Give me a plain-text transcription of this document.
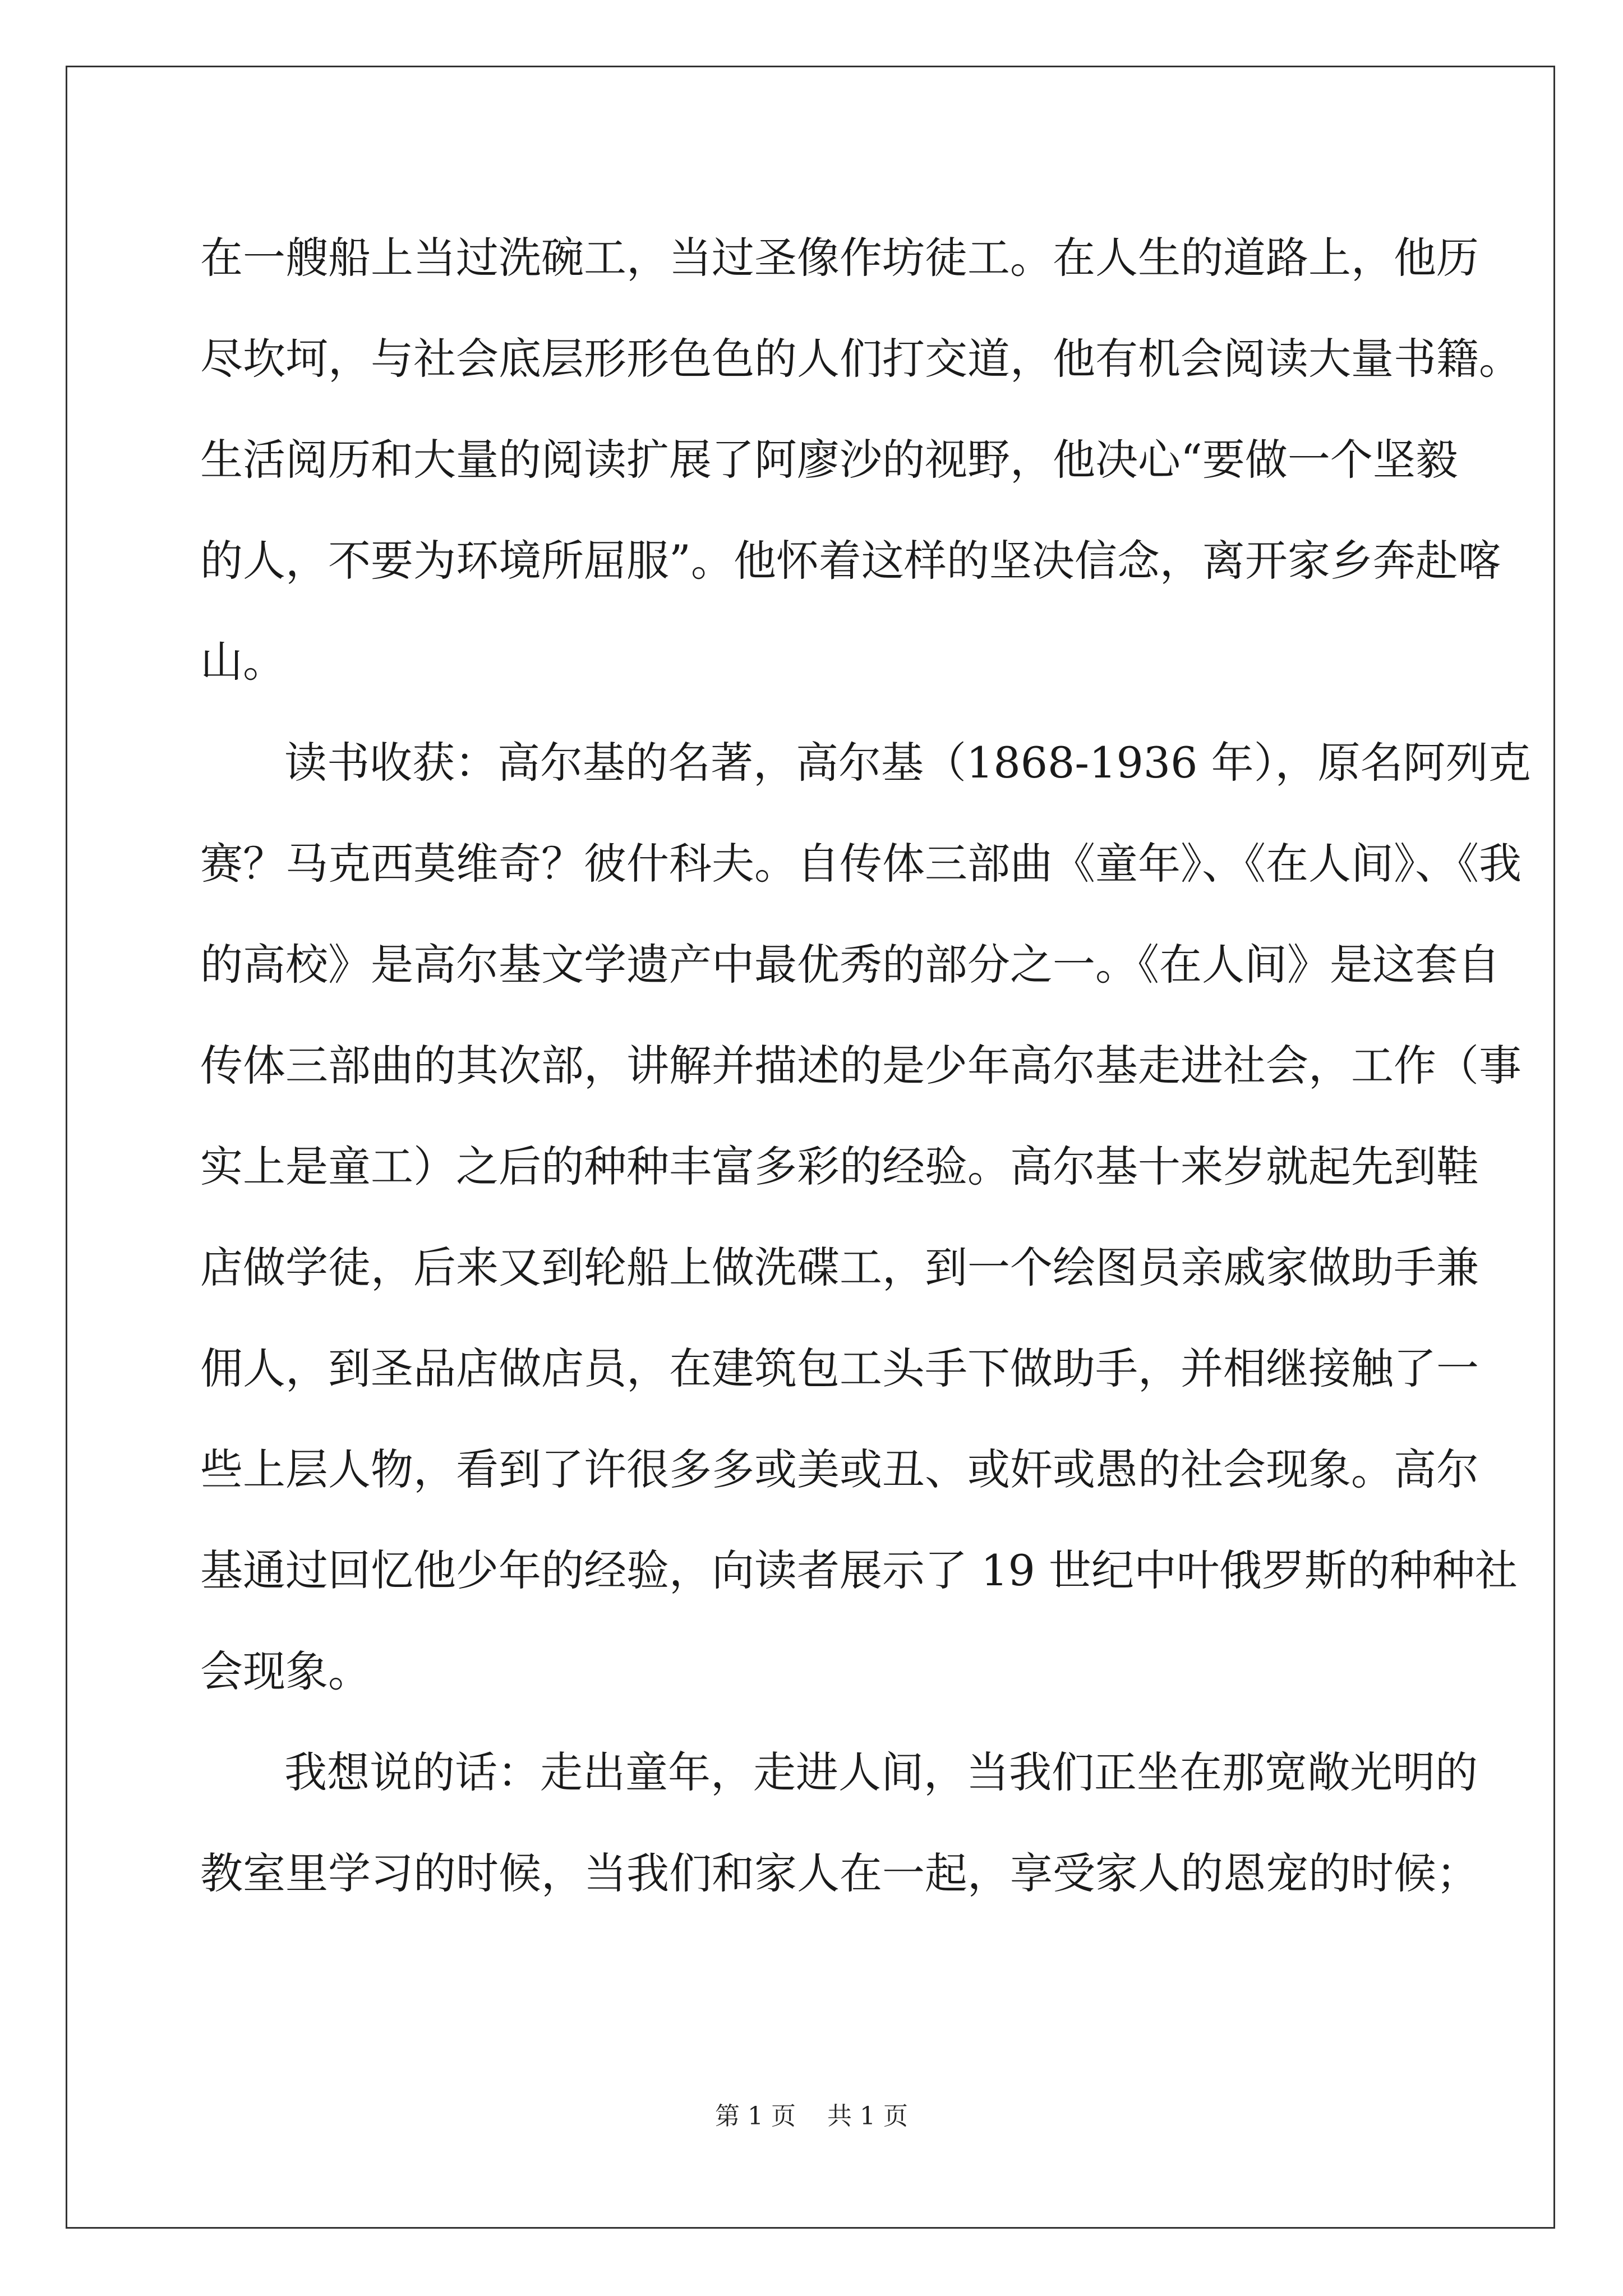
在一艘船上当过洗碗工，当过圣像作坊徒工。在人生的道路上，他历
尽坎坷，与社会底层形形色色的人们打交道，他有机会阅读大量书籍。
生活阅历和大量的阅读扩展了阿廖沙的视野，他决心“要做一个坚毅
的人，不要为环境所屈服”。他怀着这样的坚决信念，离开家乡奔赴喀
山。
读书收获：高尔基的名著，高尔基（1868-1936 年），原名阿列克
赛？马克西莫维奇？彼什科夫。自传体三部曲《童年》、《在人间》、《我
的高校》是高尔基文学遗产中最优秀的部分之一。《在人间》是这套自
传体三部曲的其次部，讲解并描述的是少年高尔基走进社会，工作（事
实上是童工）之后的种种丰富多彩的经验。高尔基十来岁就起先到鞋
店做学徒，后来又到轮船上做洗碟工，到一个绘图员亲戚家做助手兼
佣人，到圣品店做店员，在建筑包工头手下做助手，并相继接触了一
些上层人物，看到了许很多多或美或丑、或奸或愚的社会现象。高尔
基通过回忆他少年的经验，向读者展示了 19 世纪中叶俄罗斯的种种社
会现象。
我想说的话：走出童年，走进人间，当我们正坐在那宽敞光明的
教室里学习的时候，当我们和家人在一起，享受家人的恩宠的时候；
第 1 页 共 1 页
